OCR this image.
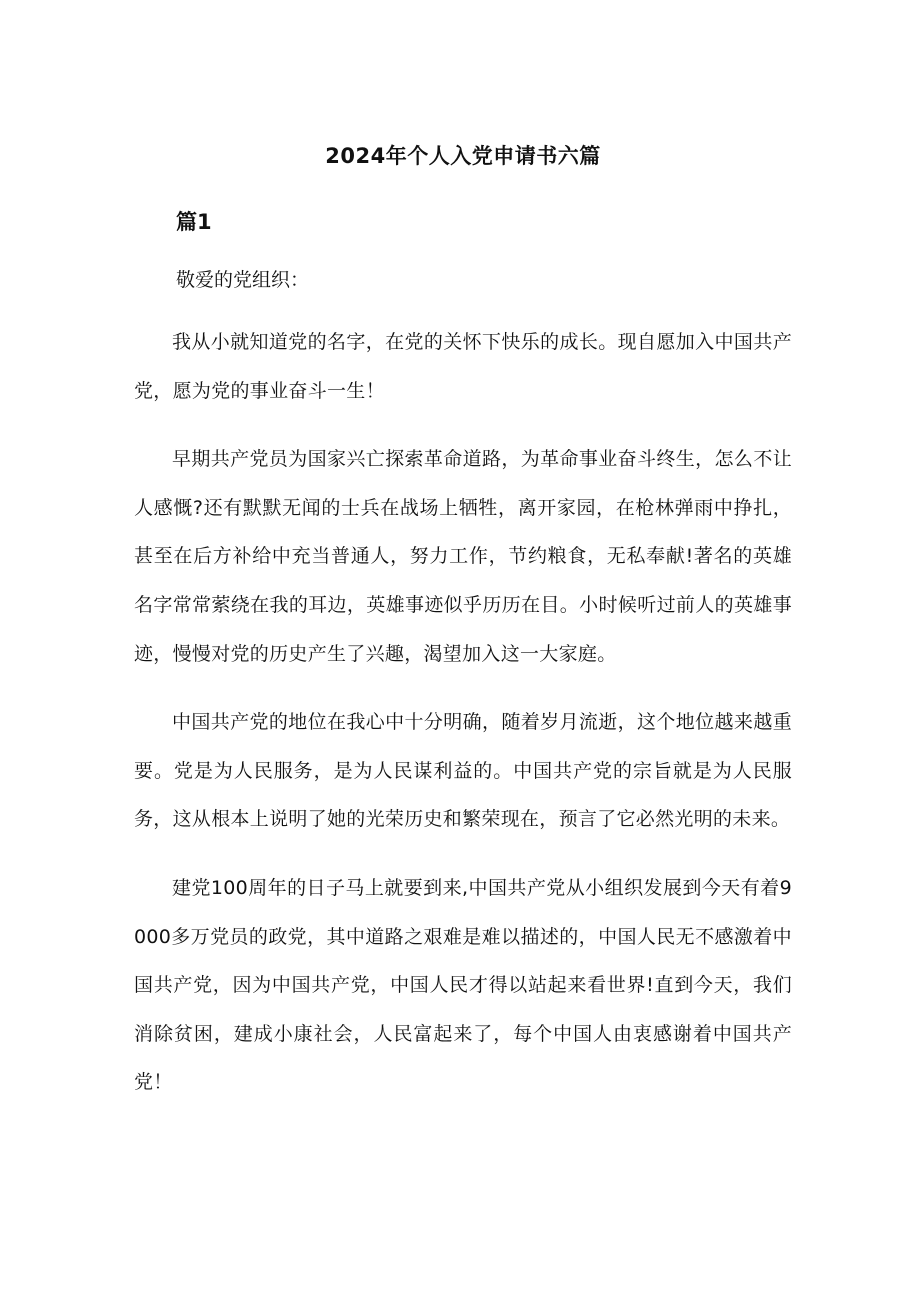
2024年个人入党申请书六篇
篇1

敬爱的党组织：

我从小就知道党的名字，在党的关怀下快乐的成长。现自愿加入中国共产党，愿为党的事业奋斗一生！

早期共产党员为国家兴亡探索革命道路，为革命事业奋斗终生，怎么不让人感慨?还有默默无闻的士兵在战场上牺牲，离开家园，在枪林弹雨中挣扎，甚至在后方补给中充当普通人，努力工作，节约粮食，无私奉献!著名的英雄名字常常萦绕在我的耳边，英雄事迹似乎历历在目。小时候听过前人的英雄事迹，慢慢对党的历史产生了兴趣，渴望加入这一大家庭。

中国共产党的地位在我心中十分明确，随着岁月流逝，这个地位越来越重要。党是为人民服务，是为人民谋利益的。中国共产党的宗旨就是为人民服务，这从根本上说明了她的光荣历史和繁荣现在，预言了它必然光明的未来。

建党100周年的日子马上就要到来,中国共产党从小组织发展到今天有着9000多万党员的政党，其中道路之艰难是难以描述的，中国人民无不感激着中国共产党，因为中国共产党，中国人民才得以站起来看世界!直到今天，我们消除贫困，建成小康社会，人民富起来了，每个中国人由衷感谢着中国共产党！
